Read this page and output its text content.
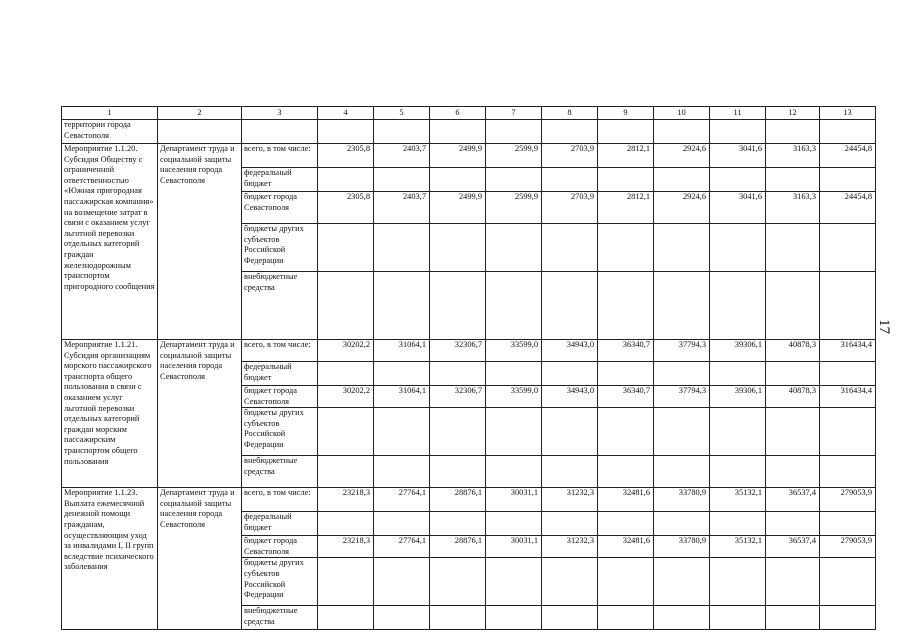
1	2	3	4	5	6	7	8	9	10	11	12	13
территории города Севастополя												
Мероприятие 1.1.20. Субсидия Обществу с ограниченной ответственностью «Южная пригородная пассажирская компания» на возмещение затрат в связи с оказанием услуг льготной перевозки отдельных категорий граждан железнодорожным транспортом пригородного сообщения	Департамент труда и социальной защиты населения города Севастополя	всего, в том числе:	2305,8	2403,7	2499,9	2599,9	2703,9	2812,1	2924,6	3041,6	3163,3	24454,8
		федеральный бюджет										
		бюджет города Севастополя	2305,8	2403,7	2499,9	2599,9	2703,9	2812,1	2924,6	3041,6	3163,3	24454,8
		бюджеты других субъектов Российской Федерации										
		внебюджетные средства										
Мероприятие 1.1.21. Субсидия организациям морского пассажирского транспорта общего пользования в связи с оказанием услуг льготной перевозки отдельных категорий граждан морским пассажирским транспортом общего пользования	Департамент труда и социальной защиты населения города Севастополя	всего, в том числе:	30202,2	31064,1	32306,7	33599,0	34943,0	36340,7	37794,3	39306,1	40878,3	316434,4
		федеральный бюджет										
		бюджет города Севастополя	30202,2	31064,1	32306,7	33599,0	34943,0	36340,7	37794,3	39306,1	40878,3	316434,4
		бюджеты других субъектов Российской Федерации										
		внебюджетные средства										
Мероприятие 1.1.23. Выплата ежемесячной денежной помощи гражданам, осуществляющим уход за инвалидами I, II групп вследствие психического заболевания	Департамент труда и социальной защиты населения города Севастополя	всего, в том числе:	23218,3	27764,1	28876,1	30031,1	31232,3	32481,6	33780,9	35132,1	36537,4	279053,9
		федеральный бюджет										
		бюджет города Севастополя	23218,3	27764,1	28876,1	30031,1	31232,3	32481,6	33780,9	35132,1	36537,4	279053,9
		бюджеты других субъектов Российской Федерации										
		внебюджетные средства										
17
